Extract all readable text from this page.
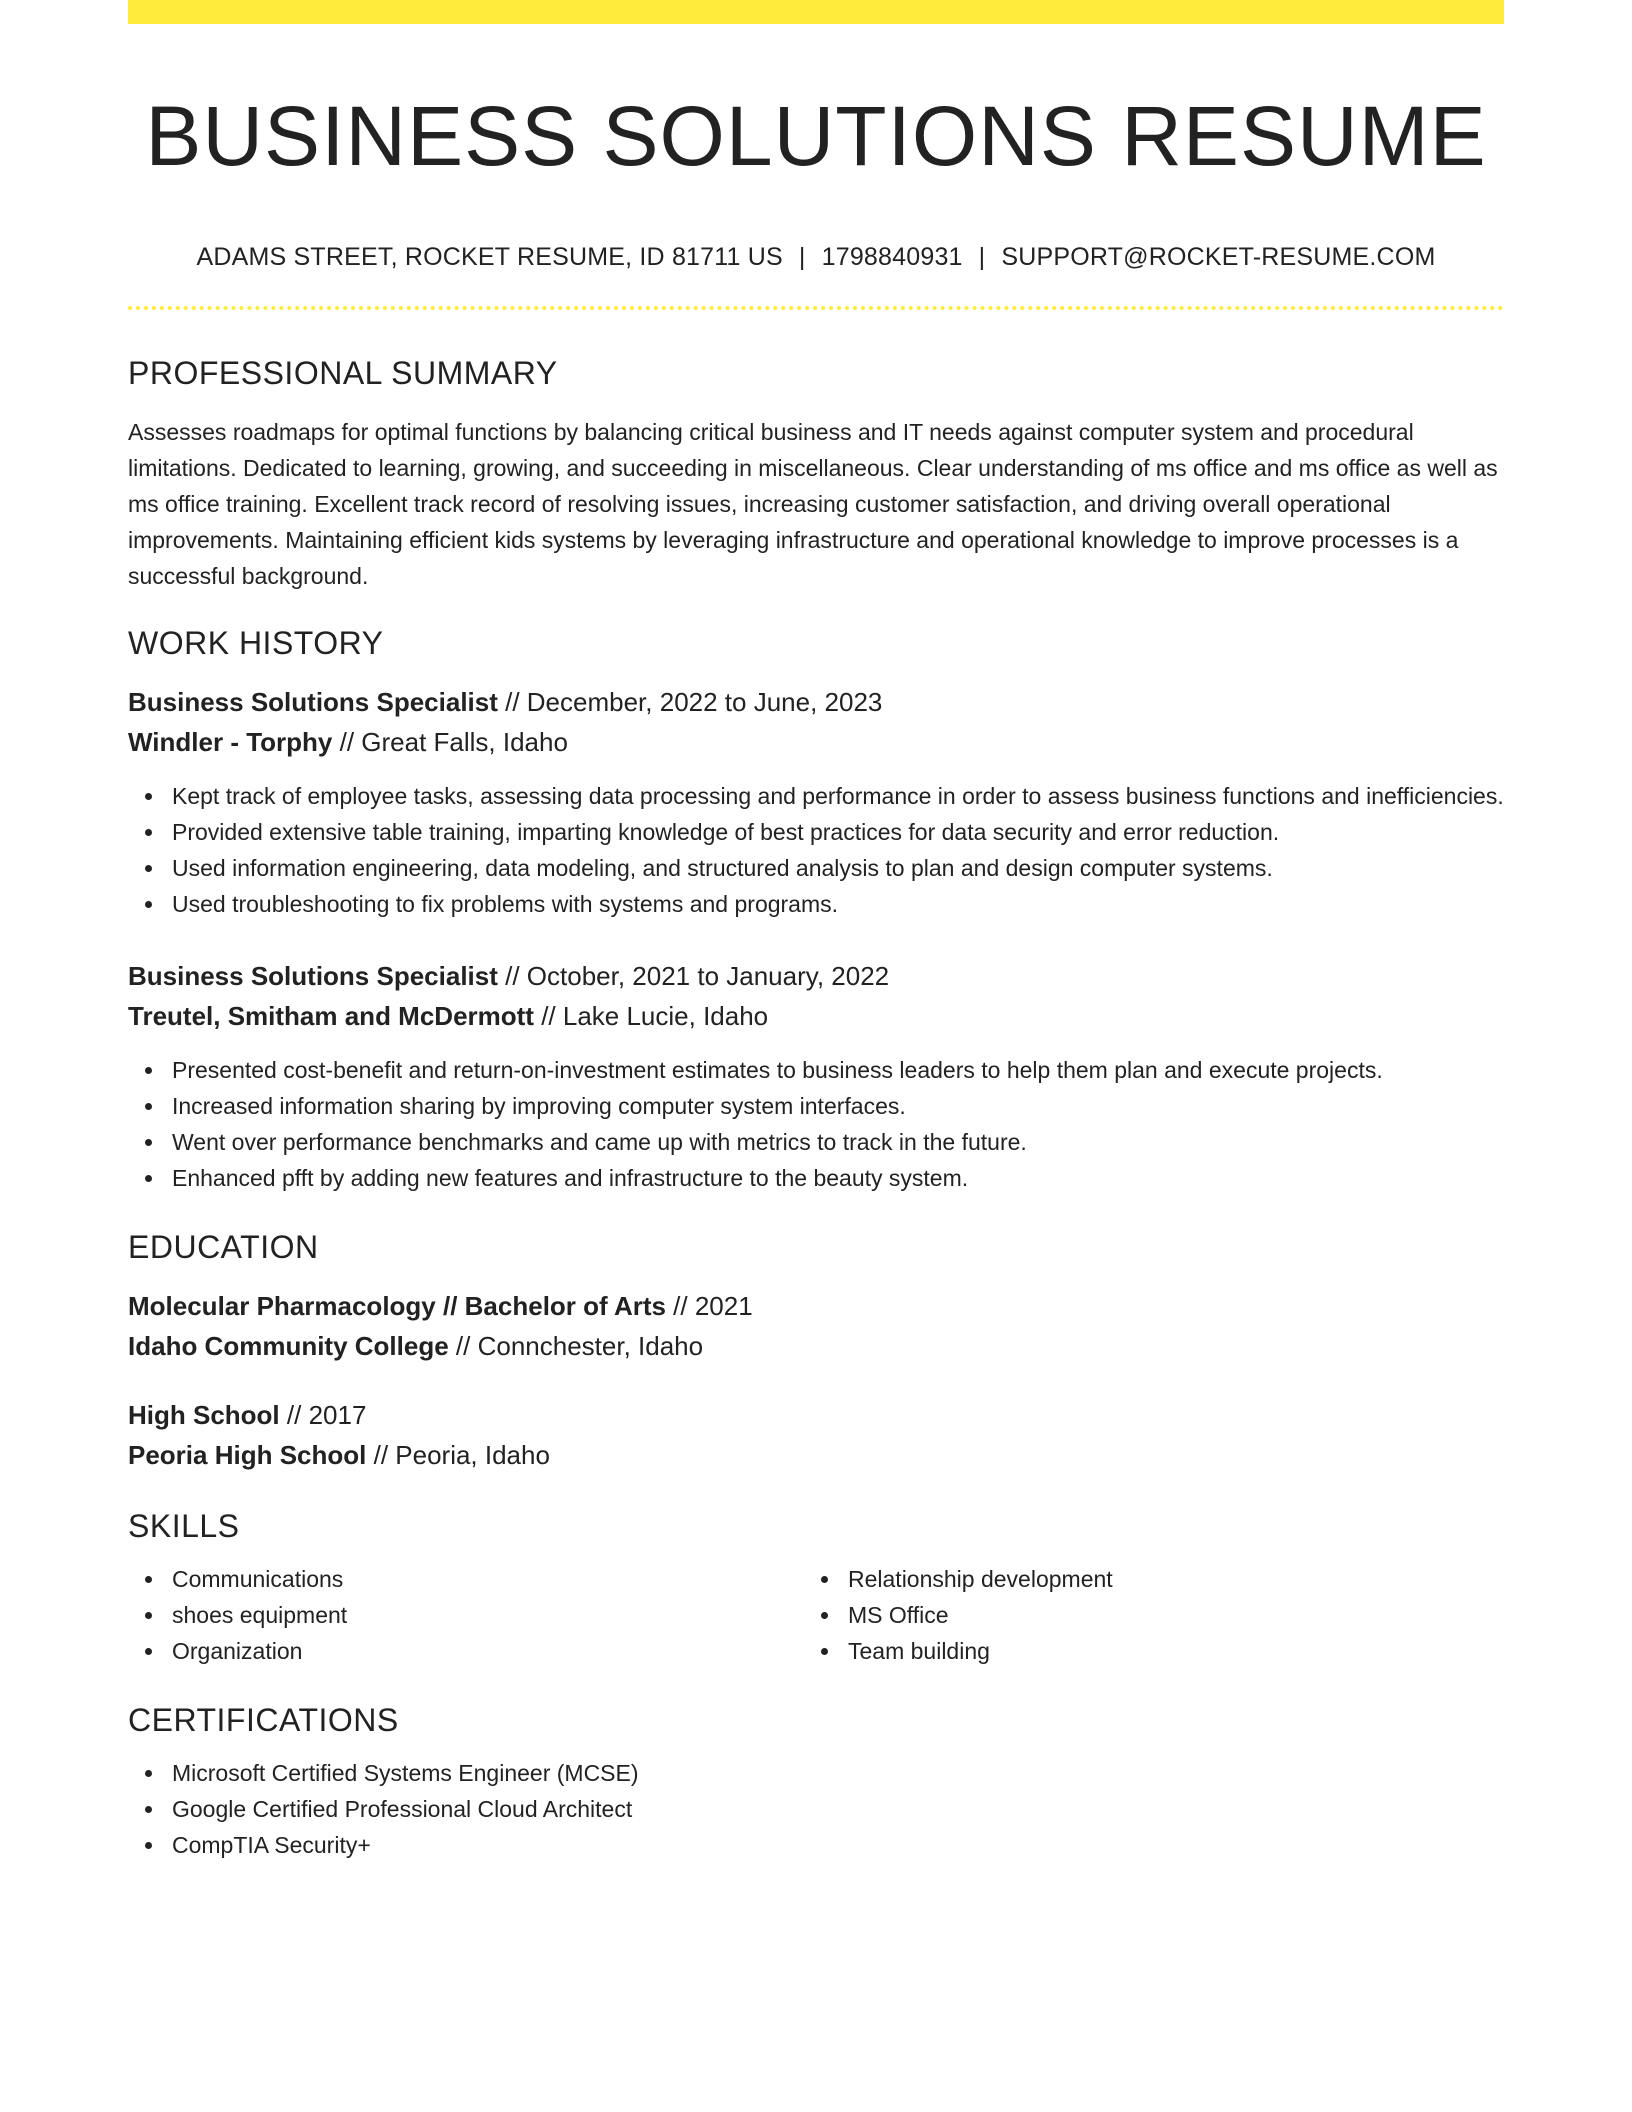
BUSINESS SOLUTIONS RESUME
ADAMS STREET, ROCKET RESUME, ID 81711 US | 1798840931 | SUPPORT@ROCKET-RESUME.COM
PROFESSIONAL SUMMARY

Assesses roadmaps for optimal functions by balancing critical business and IT needs against computer system and procedural limitations. Dedicated to learning, growing, and succeeding in miscellaneous. Clear understanding of ms office and ms office as well as ms office training. Excellent track record of resolving issues, increasing customer satisfaction, and driving overall operational improvements. Maintaining efficient kids systems by leveraging infrastructure and operational knowledge to improve processes is a successful background.

WORK HISTORY
Business Solutions Specialist // December, 2022 to June, 2023
Windler - Torphy // Great Falls, Idaho
Kept track of employee tasks, assessing data processing and performance in order to assess business functions and inefficiencies.
Provided extensive table training, imparting knowledge of best practices for data security and error reduction.
Used information engineering, data modeling, and structured analysis to plan and design computer systems.
Used troubleshooting to fix problems with systems and programs.
Business Solutions Specialist // October, 2021 to January, 2022
Treutel, Smitham and McDermott // Lake Lucie, Idaho
Presented cost-benefit and return-on-investment estimates to business leaders to help them plan and execute projects.
Increased information sharing by improving computer system interfaces.
Went over performance benchmarks and came up with metrics to track in the future.
Enhanced pfft by adding new features and infrastructure to the beauty system.
EDUCATION
Molecular Pharmacology // Bachelor of Arts // 2021
Idaho Community College // Connchester, Idaho
High School // 2017
Peoria High School // Peoria, Idaho
SKILLS
Communications
shoes equipment
Organization
Relationship development
MS Office
Team building
CERTIFICATIONS
Microsoft Certified Systems Engineer (MCSE)
Google Certified Professional Cloud Architect
CompTIA Security+
